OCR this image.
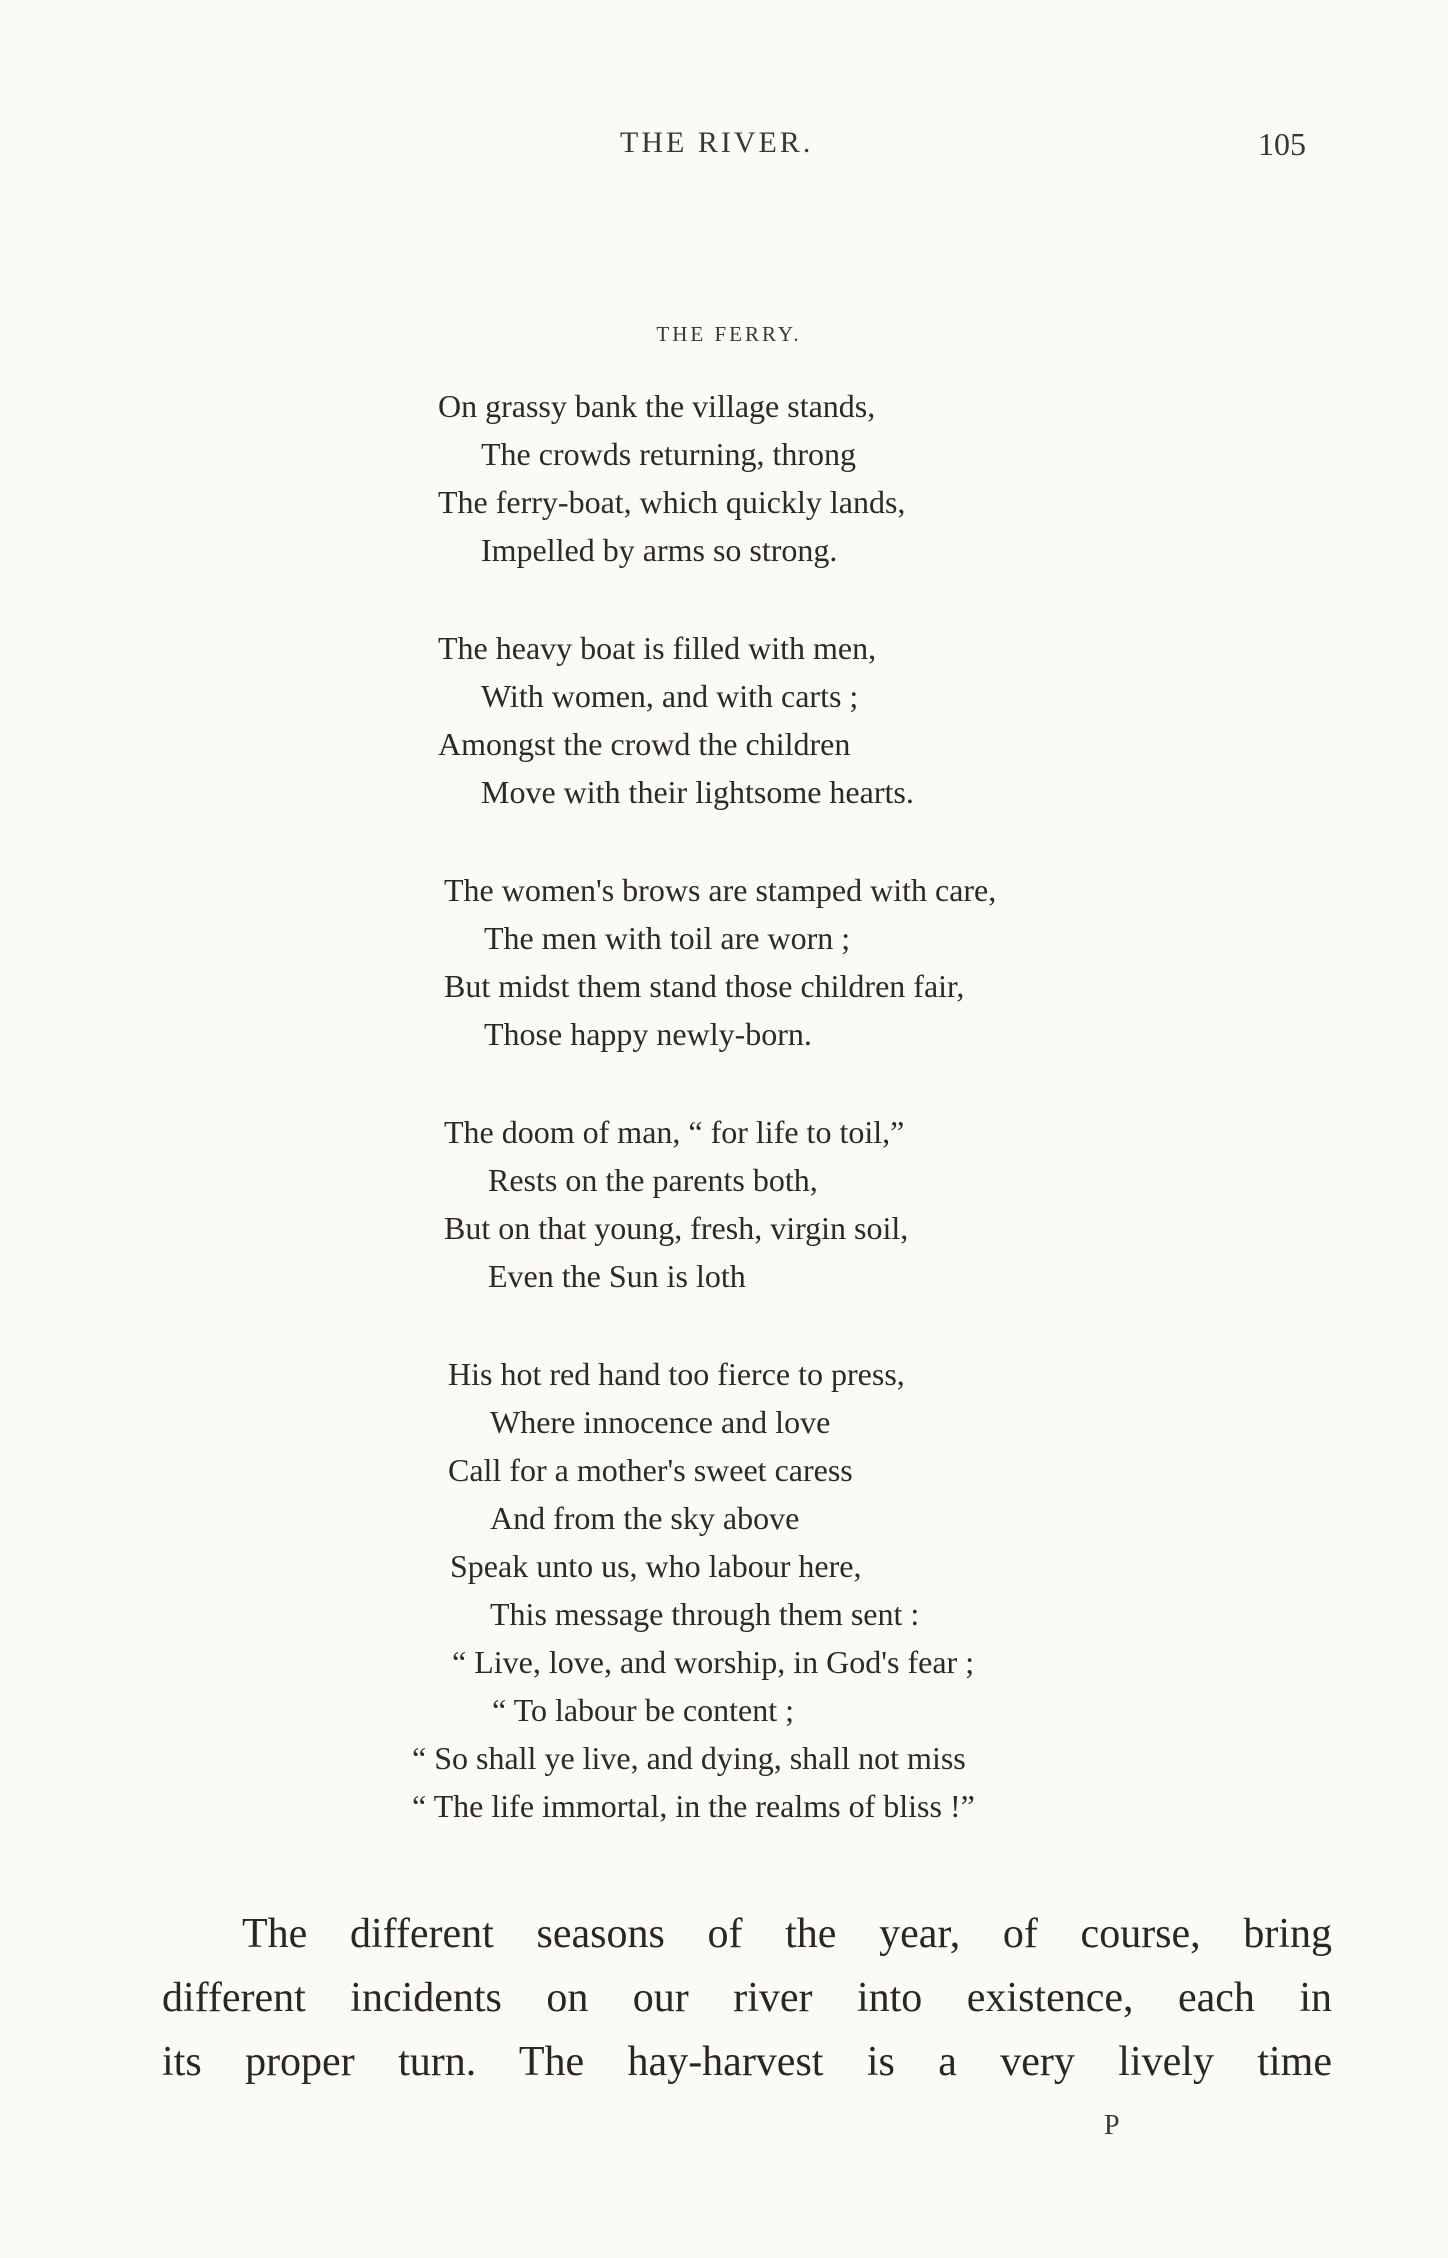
THE RIVER.	105
THE FERRY.
On grassy bank the village stands,
The crowds returning, throng
The ferry-boat, which quickly lands,
Impelled by arms so strong.
The heavy boat is filled with men,
With women, and with carts ;
Amongst the crowd the children
Move with their lightsome hearts.
The women's brows are stamped with care,
The men with toil are worn ;
But midst them stand those children fair,
Those happy newly-born.
The doom of man, “ for life to toil,”
Rests on the parents both,
But on that young, fresh, virgin soil,
Even the Sun is loth
His hot red hand too fierce to press,
Where innocence and love
Call for a mother's sweet caress
And from the sky above
Speak unto us, who labour here,
This message through them sent :
“ Live, love, and worship, in God's fear ;
“ To labour be content ;
“ So shall ye live, and dying, shall not miss
“ The life immortal, in the realms of bliss !”
The different seasons of the year, of course, bring
different incidents on our river into existence, each in
its proper turn. The hay-harvest is a very lively time
P
